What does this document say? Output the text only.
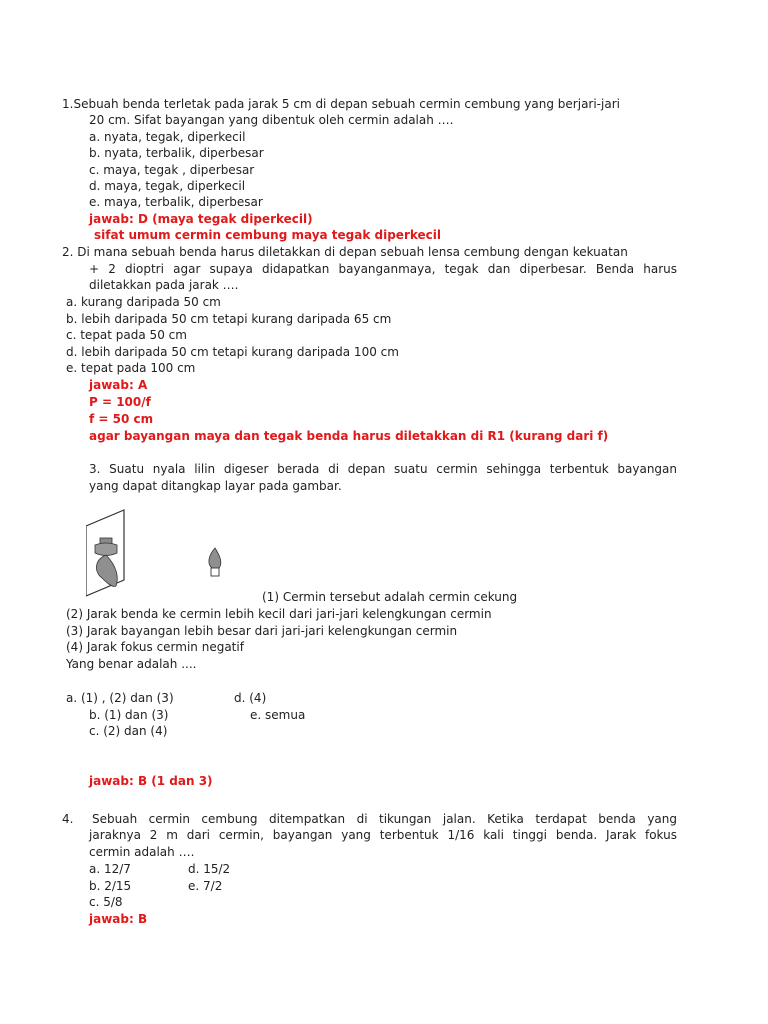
1.Sebuah benda terletak pada jarak 5 cm di depan sebuah cermin cembung yang berjari-jari
20 cm. Sifat bayangan yang dibentuk oleh cermin adalah ….
a. nyata, tegak, diperkecil
b. nyata, terbalik, diperbesar
c. maya, tegak , diperbesar
d. maya, tegak, diperkecil
e. maya, terbalik, diperbesar
jawab: D (maya tegak diperkecil)
sifat umum cermin cembung maya tegak diperkecil
2. Di mana sebuah benda harus diletakkan di depan sebuah lensa cembung dengan kekuatan
+ 2 dioptri agar supaya didapatkan bayanganmaya, tegak dan diperbesar. Benda harus
diletakkan pada jarak ….
a. kurang daripada 50 cm
b. lebih daripada 50 cm tetapi kurang daripada 65 cm
c. tepat pada 50 cm
d. lebih daripada 50 cm tetapi kurang daripada 100 cm
e. tepat pada 100 cm
jawab: A
P = 100/f
f = 50 cm
agar bayangan maya dan tegak benda harus diletakkan di R1 (kurang dari f)
3. Suatu nyala lilin digeser berada di depan suatu cermin sehingga terbentuk bayangan
yang dapat ditangkap layar pada gambar.
(1) Cermin tersebut adalah cermin cekung
(2) Jarak benda ke cermin lebih kecil dari jari-jari kelengkungan cermin
(3) Jarak bayangan lebih besar dari jari-jari kelengkungan cermin
(4) Jarak fokus cermin negatif
Yang benar adalah ....
a. (1) , (2) dan (3)	d. (4)
b. (1) dan (3)	e. semua
c. (2) dan (4)
jawab: B (1 dan 3)
4. Sebuah cermin cembung ditempatkan di tikungan jalan. Ketika terdapat benda yang
jaraknya 2 m dari cermin, bayangan yang terbentuk 1/16 kali tinggi benda. Jarak fokus
cermin adalah ….
a. 12/7	d. 15/2
b. 2/15	e. 7/2
c. 5/8
jawab: B
